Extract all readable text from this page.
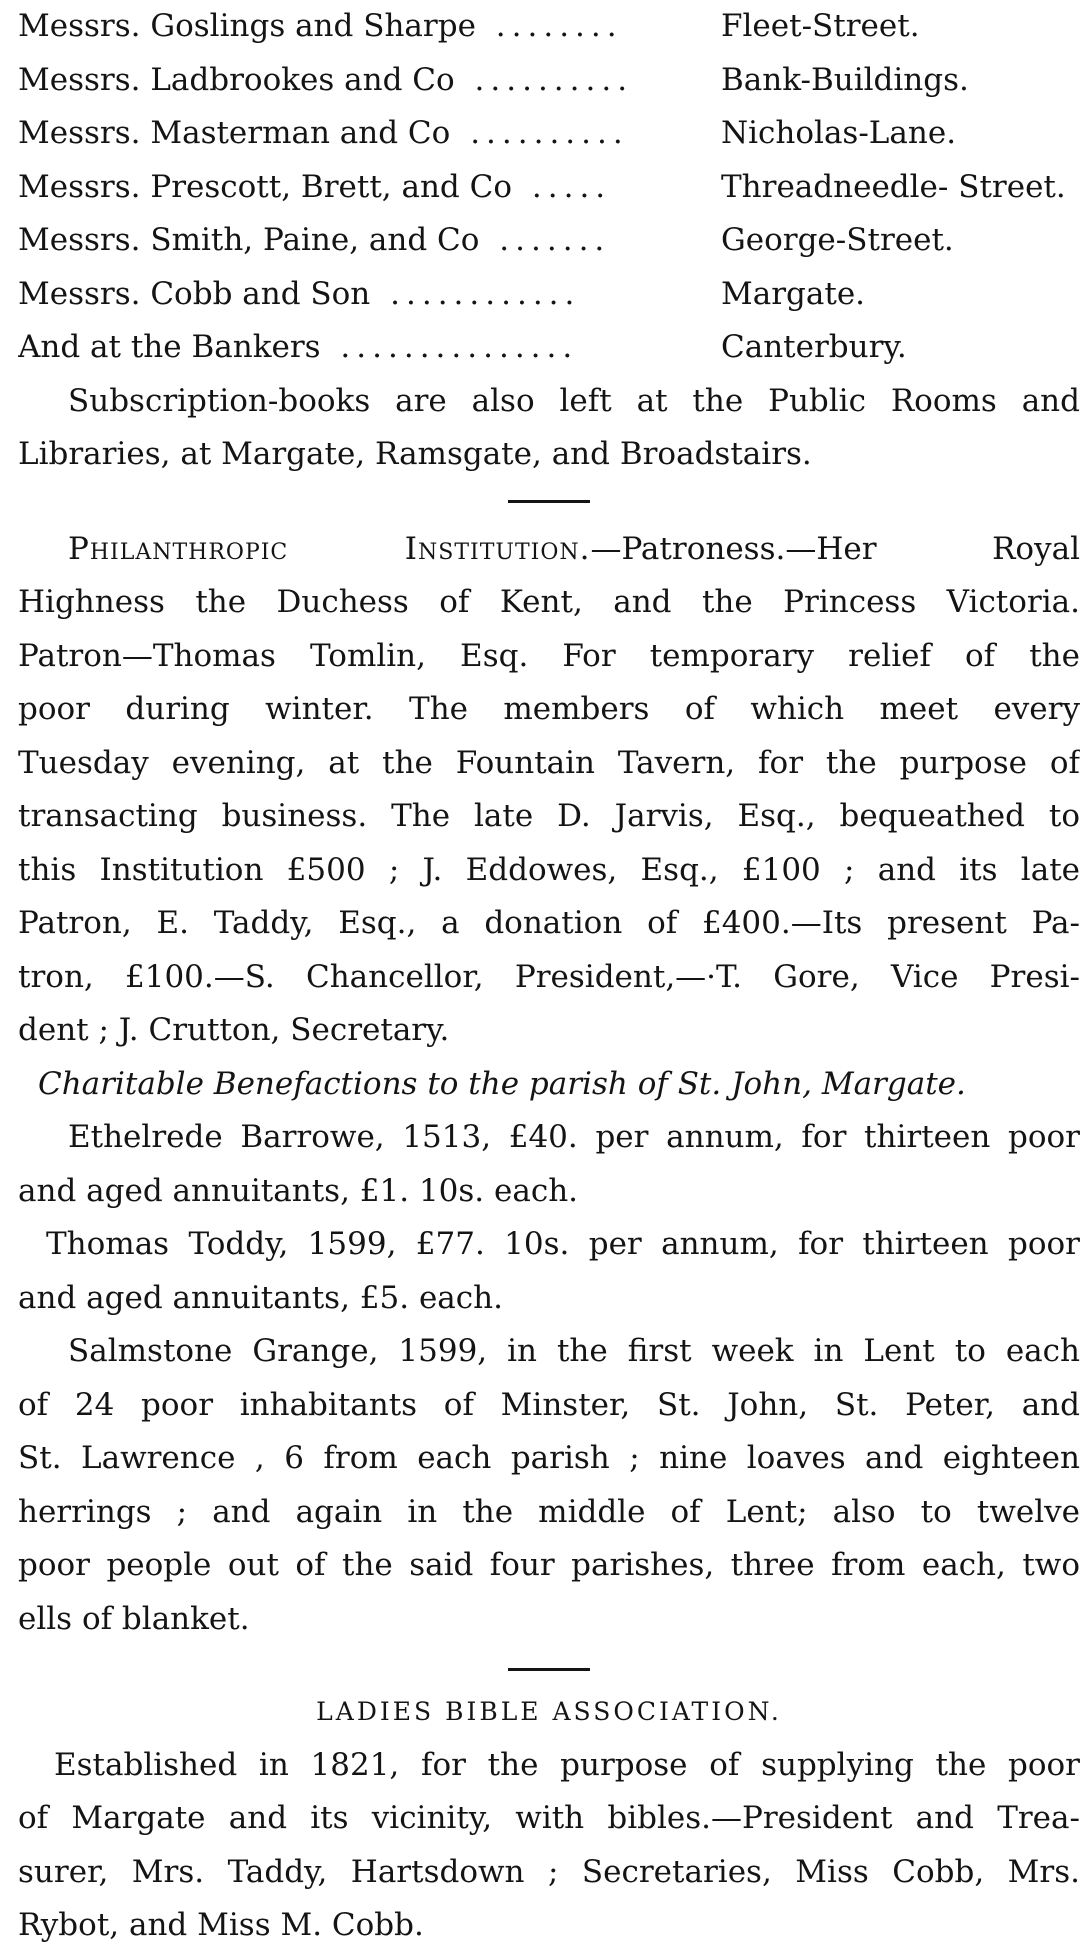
Messrs. Goslings and Sharpe ........	Fleet-Street.
Messrs. Ladbrookes and Co ..........	Bank-Buildings.
Messrs. Masterman and Co ..........	Nicholas-Lane.
Messrs. Prescott, Brett, and Co .....	Threadneedle- Street.
Messrs. Smith, Paine, and Co .......	George-Street.
Messrs. Cobb and Son ............	Margate.
And at the Bankers ...............	Canterbury.
Subscription-books are also left at the Public Rooms and
Libraries, at Margate, Ramsgate, and Broadstairs.
Philanthropic Institution.—Patroness.—Her Royal
Highness the Duchess of Kent, and the Princess Victoria.
Patron—Thomas Tomlin, Esq. For temporary relief of the
poor during winter. The members of which meet every
Tuesday evening, at the Fountain Tavern, for the purpose of
transacting business. The late D. Jarvis, Esq., bequeathed to
this Institution £500 ; J. Eddowes, Esq., £100 ; and its late
Patron, E. Taddy, Esq., a donation of £400.—Its present Pa-
tron, £100.—S. Chancellor, President,—·T. Gore, Vice Presi-
dent ; J. Crutton, Secretary.
Charitable Benefactions to the parish of St. John, Margate.
Ethelrede Barrowe, 1513, £40. per annum, for thirteen poor
and aged annuitants, £1. 10s. each.
Thomas Toddy, 1599, £77. 10s. per annum, for thirteen poor
and aged annuitants, £5. each.
Salmstone Grange, 1599, in the first week in Lent to each
of 24 poor inhabitants of Minster, St. John, St. Peter, and
St. Lawrence , 6 from each parish ; nine loaves and eighteen
herrings ; and again in the middle of Lent; also to twelve
poor people out of the said four parishes, three from each, two
ells of blanket.
LADIES BIBLE ASSOCIATION.
Established in 1821, for the purpose of supplying the poor
of Margate and its vicinity, with bibles.—President and Trea-
surer, Mrs. Taddy, Hartsdown ; Secretaries, Miss Cobb, Mrs.
Rybot, and Miss M. Cobb.
